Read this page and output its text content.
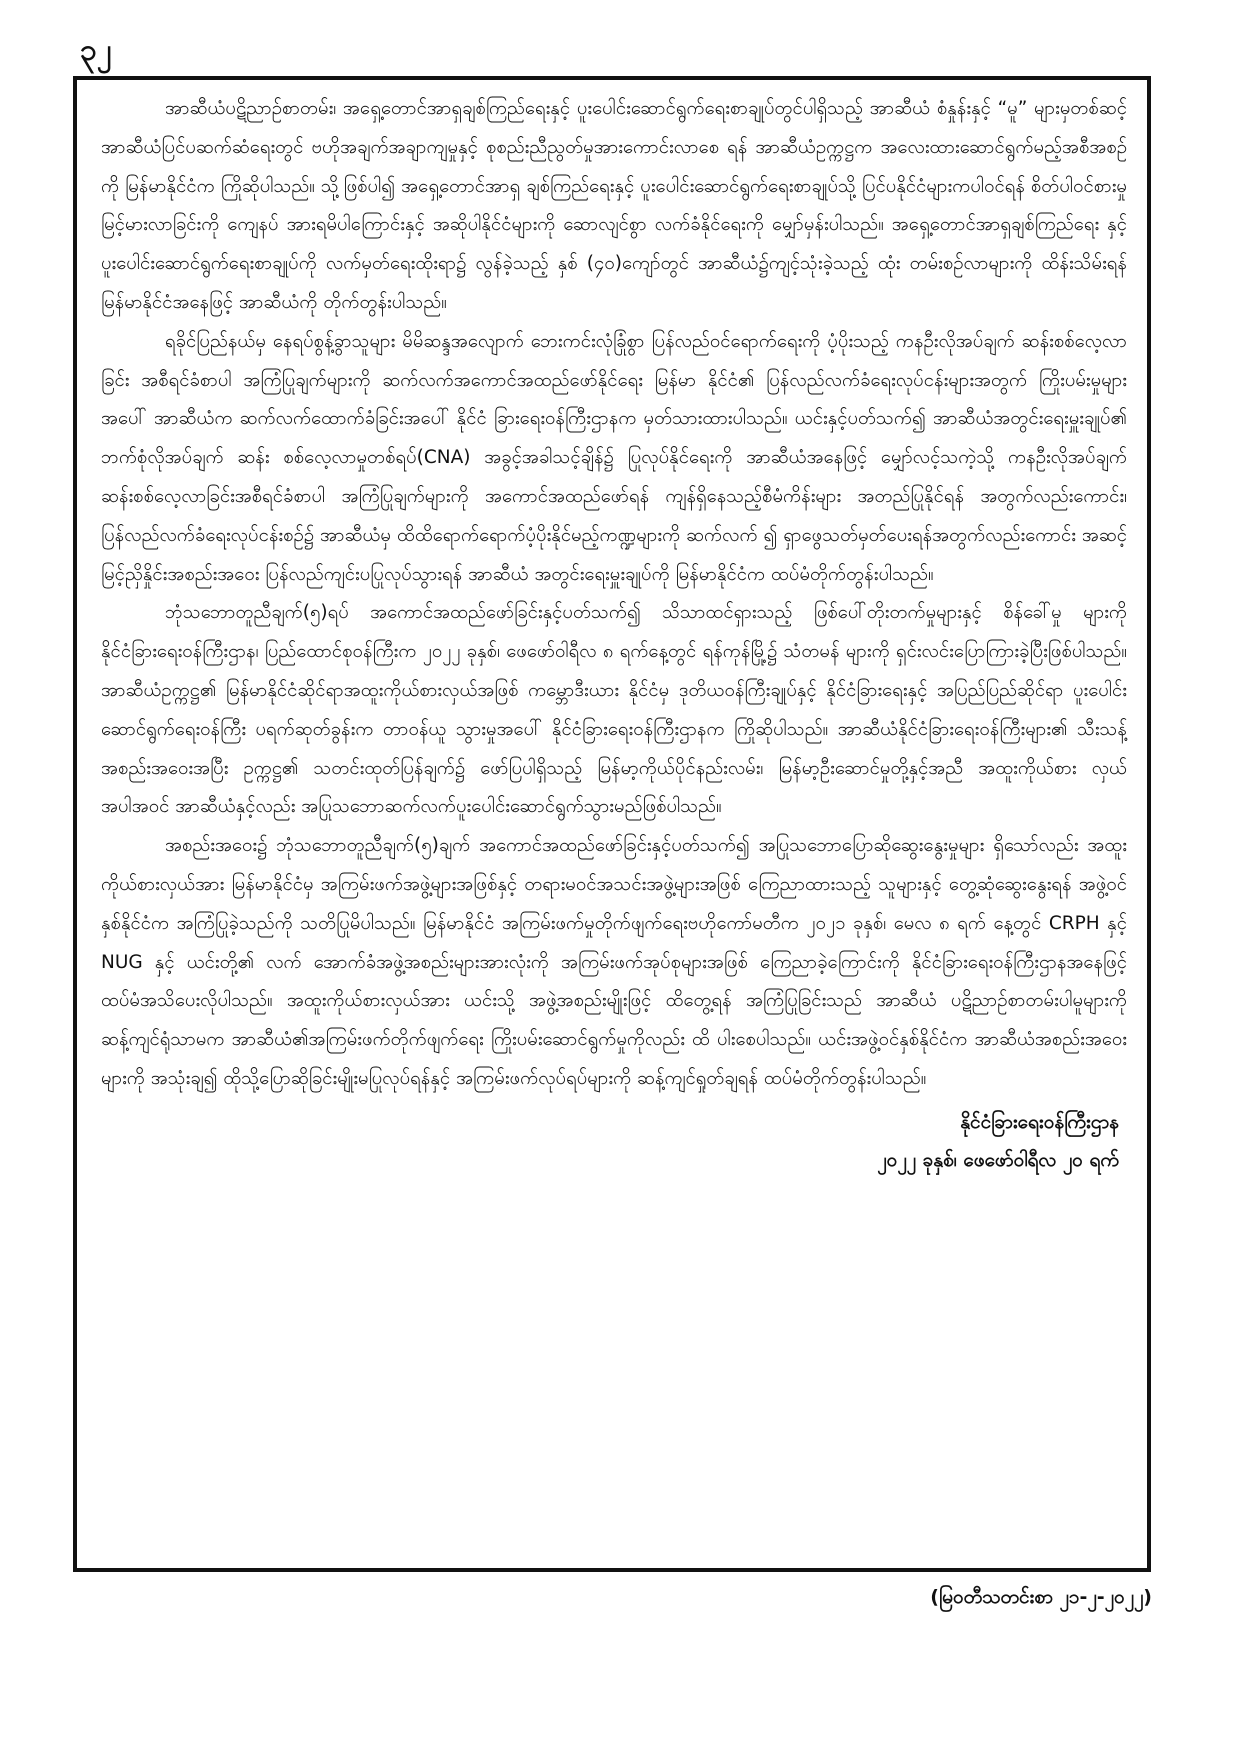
၃၂

အာဆီယံပဋိညာဉ်စာတမ်း၊ အရှေ့တောင်အာရှချစ်ကြည်ရေးနှင့် ပူးပေါင်းဆောင်ရွက်ရေးစာချုပ်တွင်ပါရှိသည့် အာဆီယံ စံနှုန်းနှင့် “မူ” များမှတစ်ဆင့် အာဆီယံပြင်ပဆက်ဆံရေးတွင် ဗဟိုအချက်အချာကျမှုနှင့် စုစည်းညီညွတ်မှုအားကောင်းလာစေ ရန် အာဆီယံဥက္ကဋ္ဌက အလေးထားဆောင်ရွက်မည့်အစီအစဉ်ကို မြန်မာနိုင်ငံက ကြိုဆိုပါသည်။ သို့ဖြစ်ပါ၍ အရှေ့တောင်အာရှ ချစ်ကြည်ရေးနှင့် ပူးပေါင်းဆောင်ရွက်ရေးစာချုပ်သို့ ပြင်ပနိုင်ငံများကပါဝင်ရန် စိတ်ပါဝင်စားမှုမြင့်မားလာခြင်းကို ကျေနပ် အားရမိပါကြောင်းနှင့် အဆိုပါနိုင်ငံများကို ဆောလျင်စွာ လက်ခံနိုင်ရေးကို မျှော်မှန်းပါသည်။ အရှေ့တောင်အာရှချစ်ကြည်ရေး နှင့် ပူးပေါင်းဆောင်ရွက်ရေးစာချုပ်ကို လက်မှတ်ရေးထိုးရာ၌ လွန်ခဲ့သည့် နှစ် (၄၀)ကျော်တွင် အာဆီယံ၌ကျင့်သုံးခဲ့သည့် ထုံး တမ်းစဉ်လာများကို ထိန်းသိမ်းရန် မြန်မာနိုင်ငံအနေဖြင့် အာဆီယံကို တိုက်တွန်းပါသည်။

ရခိုင်ပြည်နယ်မှ နေရပ်စွန့်ခွာသူများ မိမိဆန္ဒအလျောက် ဘေးကင်းလုံခြုံစွာ ပြန်လည်ဝင်ရောက်ရေးကို ပံ့ပိုးသည့် ကနဦးလိုအပ်ချက် ဆန်းစစ်လေ့လာခြင်း အစီရင်ခံစာပါ အကြံပြုချက်များကို ဆက်လက်အကောင်အထည်ဖော်နိုင်ရေး မြန်မာ နိုင်ငံ၏ ပြန်လည်လက်ခံရေးလုပ်ငန်းများအတွက် ကြိုးပမ်းမှုများအပေါ် အာဆီယံက ဆက်လက်ထောက်ခံခြင်းအပေါ် နိုင်ငံ ခြားရေးဝန်ကြီးဌာနက မှတ်သားထားပါသည်။ ယင်းနှင့်ပတ်သက်၍ အာဆီယံအတွင်းရေးမှူးချုပ်၏ ဘက်စုံလိုအပ်ချက် ဆန်း စစ်လေ့လာမှုတစ်ရပ်(CNA) အခွင့်အခါသင့်ချိန်၌ ပြုလုပ်နိုင်ရေးကို အာဆီယံအနေဖြင့် မျှော်လင့်သကဲ့သို့ ကနဦးလိုအပ်ချက် ဆန်းစစ်လေ့လာခြင်းအစီရင်ခံစာပါ အကြံပြုချက်များကို အကောင်အထည်ဖော်ရန် ကျန်ရှိနေသည့်စီမံကိန်းများ အတည်ပြုနိုင်ရန် အတွက်လည်းကောင်း၊ ပြန်လည်လက်ခံရေးလုပ်ငန်းစဉ်၌ အာဆီယံမှ ထိထိရောက်ရောက်ပံ့ပိုးနိုင်မည့်ကဏ္ဍများကို ဆက်လက် ၍ ရှာဖွေသတ်မှတ်ပေးရန်အတွက်လည်းကောင်း အဆင့်မြင့်ညှိနှိုင်းအစည်းအဝေး ပြန်လည်ကျင်းပပြုလုပ်သွားရန် အာဆီယံ အတွင်းရေးမှူးချုပ်ကို မြန်မာနိုင်ငံက ထပ်မံတိုက်တွန်းပါသည်။

ဘုံသဘောတူညီချက်(၅)ရပ် အကောင်အထည်ဖော်ခြင်းနှင့်ပတ်သက်၍ သိသာထင်ရှားသည့် ဖြစ်ပေါ်တိုးတက်မှုများနှင့် စိန်ခေါ်မှု များကို နိုင်ငံခြားရေးဝန်ကြီးဌာန၊ ပြည်ထောင်စုဝန်ကြီးက ၂၀၂၂ ခုနှစ်၊ ဖေဖော်ဝါရီလ ၈ ရက်နေ့တွင် ရန်ကုန်မြို့၌ သံတမန် များကို ရှင်းလင်းပြောကြားခဲ့ပြီးဖြစ်ပါသည်။ အာဆီယံဥက္ကဋ္ဌ၏ မြန်မာနိုင်ငံဆိုင်ရာအထူးကိုယ်စားလှယ်အဖြစ် ကမ္ဘောဒီးယား နိုင်ငံမှ ဒုတိယဝန်ကြီးချုပ်နှင့် နိုင်ငံခြားရေးနှင့် အပြည်ပြည်ဆိုင်ရာ ပူးပေါင်းဆောင်ရွက်ရေးဝန်ကြီး ပရက်ဆုတ်ခွန်းက တာဝန်ယူ သွားမှုအပေါ် နိုင်ငံခြားရေးဝန်ကြီးဌာနက ကြိုဆိုပါသည်။ အာဆီယံနိုင်ငံခြားရေးဝန်ကြီးများ၏ သီးသန့်အစည်းအဝေးအပြီး ဥက္ကဋ္ဌ၏ သတင်းထုတ်ပြန်ချက်၌ ဖော်ပြပါရှိသည့် မြန်မာ့ကိုယ်ပိုင်နည်းလမ်း၊ မြန်မာ့ဦးဆောင်မှုတို့နှင့်အညီ အထူးကိုယ်စား လှယ်အပါအဝင် အာဆီယံနှင့်လည်း အပြုသဘောဆက်လက်ပူးပေါင်းဆောင်ရွက်သွားမည်ဖြစ်ပါသည်။

အစည်းအဝေး၌ ဘုံသဘောတူညီချက်(၅)ချက် အကောင်အထည်ဖော်ခြင်းနှင့်ပတ်သက်၍ အပြုသဘောပြောဆိုဆွေးနွေးမှုများ ရှိသော်လည်း အထူးကိုယ်စားလှယ်အား မြန်မာနိုင်ငံမှ အကြမ်းဖက်အဖွဲ့များအဖြစ်နှင့် တရားမဝင်အသင်းအဖွဲ့များအဖြစ် ကြေညာထားသည့် သူများနှင့် တွေ့ဆုံဆွေးနွေးရန် အဖွဲ့ဝင်နှစ်နိုင်ငံက အကြံပြုခဲ့သည်ကို သတိပြုမိပါသည်။ မြန်မာနိုင်ငံ အကြမ်းဖက်မှုတိုက်ဖျက်ရေးဗဟိုကော်မတီက ၂၀၂၁ ခုနှစ်၊ မေလ ၈ ရက် နေ့တွင် CRPH နှင့် NUG နှင့် ယင်းတို့၏ လက် အောက်ခံအဖွဲ့အစည်းများအားလုံးကို အကြမ်းဖက်အုပ်စုများအဖြစ် ကြေညာခဲ့ကြောင်းကို နိုင်ငံခြားရေးဝန်ကြီးဌာနအနေဖြင့် ထပ်မံအသိပေးလိုပါသည်။ အထူးကိုယ်စားလှယ်အား ယင်းသို့ အဖွဲ့အစည်းမျိုးဖြင့် ထိတွေ့ရန် အကြံပြုခြင်းသည် အာဆီယံ ပဋိညာဉ်စာတမ်းပါမူများကို ဆန့်ကျင်ရုံသာမက အာဆီယံ၏အကြမ်းဖက်တိုက်ဖျက်ရေး ကြိုးပမ်းဆောင်ရွက်မှုကိုလည်း ထိ ပါးစေပါသည်။ ယင်းအဖွဲ့ဝင်နှစ်နိုင်ငံက အာဆီယံအစည်းအဝေးများကို အသုံးချ၍ ထိုသို့ပြောဆိုခြင်းမျိုးမပြုလုပ်ရန်နှင့် အကြမ်းဖက်လုပ်ရပ်များကို ဆန့်ကျင်ရှုတ်ချရန် ထပ်မံတိုက်တွန်းပါသည်။

နိုင်ငံခြားရေးဝန်ကြီးဌာန
၂၀၂၂ ခုနှစ်၊ ဖေဖော်ဝါရီလ ၂၀ ရက်
(မြဝတီသတင်းစာ ၂၁-၂-၂၀၂၂)
